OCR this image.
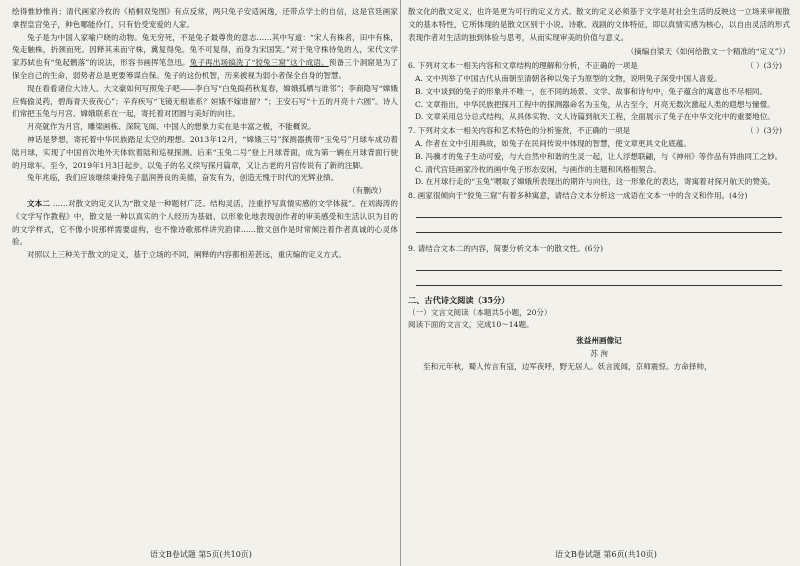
绘得惟妙惟肖；清代画家冷枚的《梧桐双兔图》有点反常，两只兔子安适闲逸，还带点学士的自信，这是官廷画家拿捏皇宫兔子，种色哪能伶仃，只有恰受宠爱的人家。

兔子是为中国人家喻户晓的动物。兔无穷死，不是兔子最尊贵的意志……其中写道：“宋人有株者，田中有株，兔走触株，折颈而死。因释其耒而守株，冀复得兔。兔不可复得，而身为宋国笑。”对于兔守株待兔的人，宋代文学家苏轼也有“兔起鹘落”的说法，形容书画挥笔急迅。兔子再出场搞洗了“狡兔三窟”这个成语。预备三个洞窟是为了保全自己的生命，弱势者总是更要筹谋自保。兔子的这份机智，历来被视为弱小者保全自身的智慧。

现在看看诸位大诗人、大文豪如何写照兔子吧——李白写“白兔捣药秋复春，嫦娥孤栖与谁邻”；李商隐写“嫦娥应悔偷灵药，碧海青天夜夜心”；辛弃疾写“飞镜无根谁系？姮娥不嫁谁留？”；王安石写“十五的月亮十六圆”。诗人们常把玉兔与月宫、嫦娥联系在一起，寄托着对团圆与美好的向往。

月亮就作为月宫，雕梁画栋、深院飞阁、中国人的想象力实在是丰富之极，不能概说。

神话是梦想，寄托着中华民族踏足太空的理想。2013年12月，“嫦娥三号”探测器携带“玉兔号”月球车成功着陆月球，实现了中国首次地外天体软着陆和巡视探测。后来“玉兔二号”登上月球背面，成为第一辆在月球背面行驶的月球车。至今，2019年1月3日起步，以兔子的名义续写探月篇章，又让古老的月宫传说有了新的注脚。

兔年兆临，我们应该继续秉持兔子温润善良的美德，奋发有为，创造无愧于时代的光辉业绩。

（有删改）

文本二 ……对散文的定义认为“散文是一种题材广泛、结构灵活，注重抒写真情实感的文学体裁”。在刘海涛的《文学写作教程》中，散文是一种以真实的个人经历为基础、以形象化地表现创作者的审美感受和生活认识为目的的文学样式，它不像小说那样需要虚构，也不像诗歌那样讲究韵律……散文创作是时常倾注着作者真诚的心灵体验。

对照以上三种关于散文的定义，基于立场的不同，阐释的内容都相差甚远，重庆编的定义方式。

散文化的散文定义，也许是更为可行的定义方式。散文的定义必须基于文学是对社会生活的反映这一立场来审视散文的基本特性，它所体现的是散文区别于小说、诗歌、戏剧的文体特征，即以真情实感为核心，以自由灵活的形式表现作者对生活的独到体验与思考，从而实现审美的价值与意义。

（摘编自梁天《如何给散文一个精准的“定义”》）

6. 下列对文本一相关内容和文章结构的理解和分析，不正确的一项是	（ ）(3分)

A. 文中列举了中国古代从南朝至清朝各种以兔子为原型的文物，说明兔子深受中国人喜爱。

B. 文中谈到的兔子的形象并不唯一，在不同的场景、文学、故事和诗句中，兔子蕴含的寓意也不尽相同。

C. 文章指出，中华民族把探月工程中的探测器命名为玉兔，从古至今，月亮无数次激起人类的遐想与憧憬。

D. 文章采用总分总式结构，从具体实物、文人诗篇到航天工程，全面展示了兔子在中华文化中的重要地位。

7. 下列对文本一相关内容和艺术特色的分析鉴赏，不正确的一项是	（ ）(3分)

A. 作者在文中引用典故，如兔子在民间传说中体现的智慧，使文章更具文化底蕴。

B. 冯骥才的兔子生动可爱，与大自然中和谐的生灵一起，让人浮想联翩，与《神州》等作品有异曲同工之妙。

C. 清代宫廷画家冷枚的画中兔子形态安闲，与画作的主题和风格相契合。

D. 在月球行走的“玉兔”喂取了嫦娥所表现出的期许与向往，这一形象化的表达，寄寓着对探月航天的赞美。

8. 画家很倾向于“狡兔三窟”有着多种寓意，请结合文本分析这一成语在文本一中的含义和作用。(4分)

9. 请结合文本二的内容，简要分析文本一的散文性。(6分)

二、古代诗文阅读（35分）

（一）文言文阅读（本题共5小题，20分）

阅读下面的文言文，完成10～14题。

张益州画像记

苏 洵

至和元年秋，蜀人传言有寇，边军夜呼，野无居人。妖言流闻，京师震惊。方命择帅，

语文B卷试题 第5页(共10页)	语文B卷试题 第6页(共10页)
